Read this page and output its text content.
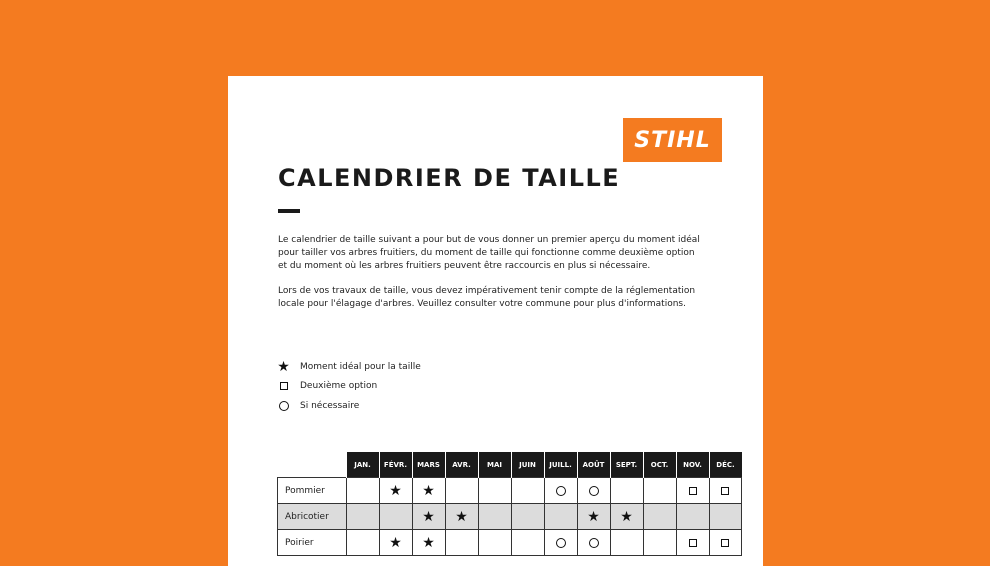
STIHL
CALENDRIER DE TAILLE

Le calendrier de taille suivant a pour but de vous donner un premier aperçu du moment idéal pour tailler vos arbres fruitiers, du moment de taille qui fonctionne comme deuxième option et du moment où les arbres fruitiers peuvent être raccourcis en plus si nécessaire.

Lors de vos travaux de taille, vous devez impérativement tenir compte de la réglementation locale pour l'élagage d'arbres. Veuillez consulter votre commune pour plus d'informations.

★ Moment idéal pour la taille
Deuxième option
Si nécessaire
	JAN.	FÉVR.	MARS	AVR.	MAI	JUIN	JUILL.	AOÛT	SEPT.	OCT.	NOV.	DÉC.
Pommier		★	★									

Abricotier			★	★				★	★			

Poirier		★	★									
